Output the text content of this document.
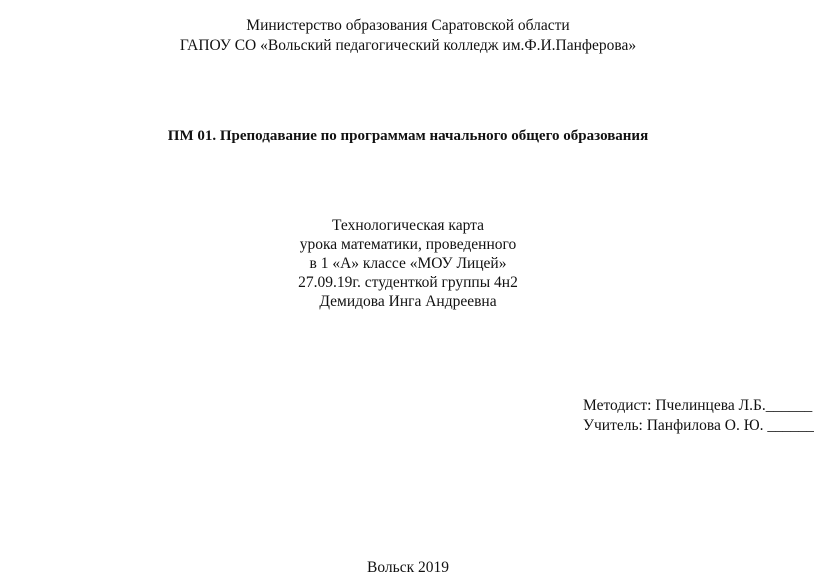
Министерство образования Саратовской области
ГАПОУ СО «Вольский педагогический колледж им.Ф.И.Панферова»
ПМ 01. Преподавание по программам начального общего образования
Технологическая карта
урока математики, проведенного
в 1 «А» классе «МОУ Лицей»
27.09.19г. студенткой группы 4н2
Демидова Инга Андреевна
Методист: Пчелинцева Л.Б.______
Учитель: Панфилова О. Ю. ______
Вольск 2019
